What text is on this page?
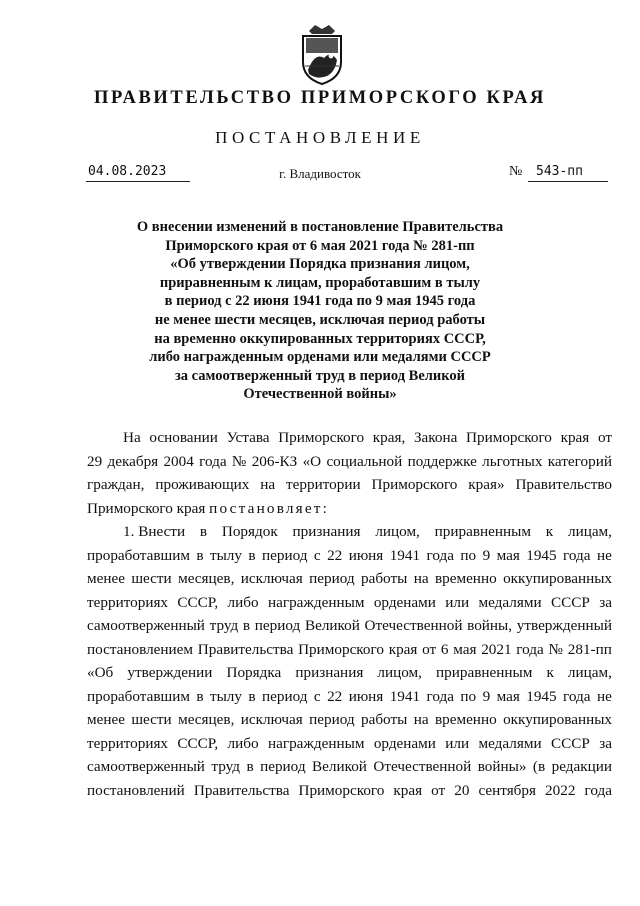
ПРАВИТЕЛЬСТВО ПРИМОРСКОГО КРАЯ
ПОСТАНОВЛЕНИЕ
04.08.2023	г. Владивосток	№ 543-пп
О внесении изменений в постановление Правительства
Приморского края от 6 мая 2021 года № 281-пп
«Об утверждении Порядка признания лицом,
приравненным к лицам, проработавшим в тылу
в период с 22 июня 1941 года по 9 мая 1945 года
не менее шести месяцев, исключая период работы
на временно оккупированных территориях СССР,
либо награжденным орденами или медалями СССР
за самоотверженный труд в период Великой
Отечественной войны»

На основании Устава Приморского края, Закона Приморского края от
29 декабря 2004 года № 206-КЗ «О социальной поддержке льготных категорий
граждан, проживающих на территории Приморского края» Правительство
Приморского края постановляет:

1. Внести в Порядок признания лицом, приравненным к лицам,
проработавшим в тылу в период с 22 июня 1941 года по 9 мая 1945 года не
менее шести месяцев, исключая период работы на временно оккупированных
территориях СССР, либо награжденным орденами или медалями СССР за
самоотверженный труд в период Великой Отечественной войны, утвержденный
постановлением Правительства Приморского края от 6 мая 2021 года № 281-пп
«Об утверждении Порядка признания лицом, приравненным к лицам,
проработавшим в тылу в период с 22 июня 1941 года по 9 мая 1945 года не
менее шести месяцев, исключая период работы на временно оккупированных
территориях СССР, либо награжденным орденами или медалями СССР за
самоотверженный труд в период Великой Отечественной войны» (в редакции
постановлений Правительства Приморского края от 20 сентября 2022 года
